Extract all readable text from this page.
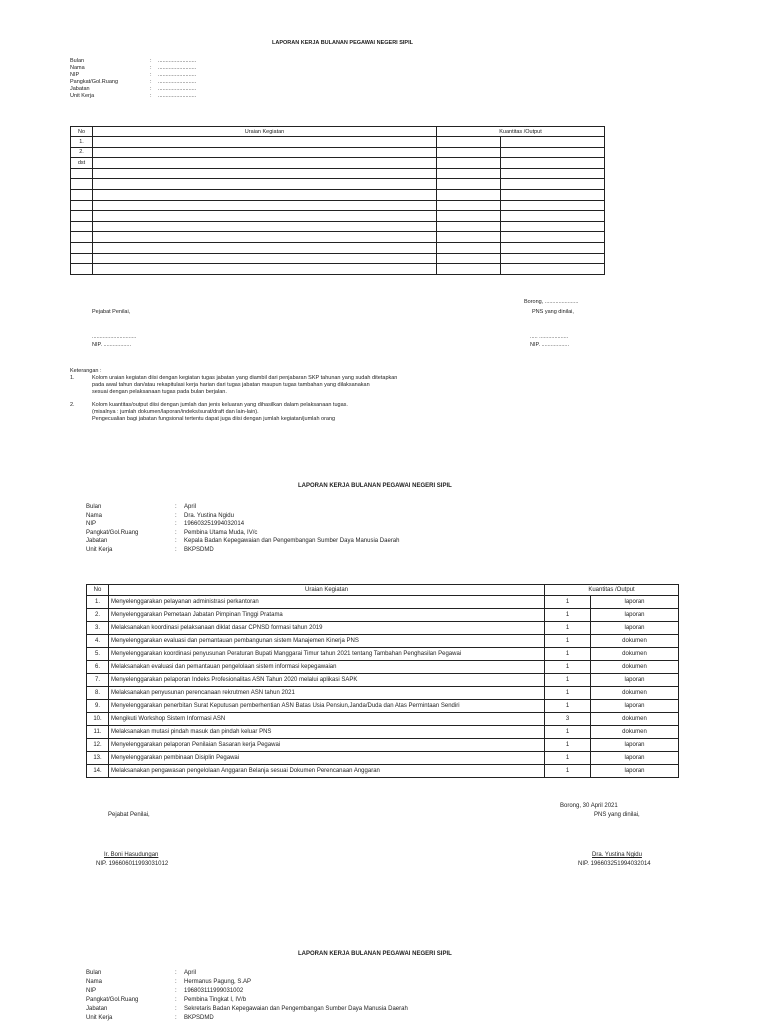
LAPORAN KERJA BULANAN PEGAWAI NEGERI SIPIL
Bulan	: .........................
Nama	: .........................
NIP	: .........................
Pangkat/Gol.Ruang	: .........................
Jabatan	: .........................
Unit Kerja	: .........................
No	Uraian Kegiatan	Kuantitas /Output	
1.			
2.			
dst			

Borong, ......................
Pejabat Penilai,	PNS yang dinilai,
.............................	..... ...................
NIP. ..................	NIP. ..................
Keterangan :
1.	Kolom uraian kegiatan diisi dengan kegiatan tugas jabatan yang diambil dari penjabaran SKP tahunan yang sudah ditetapkan
pada awal tahun dan/atau rekapitulasi kerja harian dari tugas jabatan maupun tugas tambahan yang dilaksanakan
sesuai dengan pelaksanaan tugas pada bulan berjalan.
2.	Kolom kuantitas/output diisi dengan jumlah dan jenis keluaran yang dihasilkan dalam pelaksanaan tugas.
(misalnya : jumlah dokumen/laporan/indeks/surat/draft dan lain-lain).
Pengecualian bagi jabatan fungsional tertentu dapat juga diisi dengan jumlah kegiatan/jumlah orang
LAPORAN KERJA BULANAN PEGAWAI NEGERI SIPIL
Bulan	: April
Nama	: Dra. Yustina Ngidu
NIP	: 196603251994032014
Pangkat/Gol.Ruang	: Pembina Utama Muda, IV/c
Jabatan	: Kepala Badan Kepegawaian dan Pengembangan Sumber Daya Manusia Daerah
Unit Kerja	: BKPSDMD
No	Uraian Kegiatan	Kuantitas /Output	
1.	Menyelenggarakan pelayanan administrasi perkantoran	1	laporan
2.	Menyelenggarakan Pemetaan Jabatan Pimpinan Tinggi Pratama	1	laporan
3.	Melaksanakan koordinasi pelaksanaan diklat dasar CPNSD formasi tahun 2019	1	laporan
4.	Menyelenggarakan evaluasi dan pemantauan pembangunan sistem Manajemen Kinerja PNS	1	dokumen
5.	Menyelenggarakan koordinasi penyusunan Peraturan Bupati Manggarai Timur tahun 2021 tentang Tambahan Penghasilan Pegawai	1	dokumen
6.	Melaksanakan evaluasi dan pemantauan pengelolaan sistem informasi kepegawaian	1	dokumen
7.	Menyelenggarakan pelaporan Indeks Profesionalitas ASN Tahun 2020 melalui aplikasi SAPK	1	laporan
8.	Melaksanakan penyusunan perencanaan rekrutmen ASN tahun 2021	1	dokumen
9.	Menyelenggarakan penerbitan Surat Keputusan pemberhentian ASN Batas Usia Pensiun,Janda/Duda dan Atas Permintaan Sendiri	1	laporan
10.	Mengikuti Workshop Sistem Informasi ASN	3	dokumen
11.	Melaksanakan mutasi pindah masuk dan pindah keluar PNS	1	dokumen
12.	Menyelenggarakan pelaporan Penilaian Sasaran kerja Pegawai	1	laporan
13.	Menyelenggarakan pembinaan Disiplin Pegawai	1	laporan
14.	Melaksanakan pengawasan pengelolaan Anggaran Belanja sesuai Dokumen Perencanaan Anggaran	1	laporan
Borong, 30 April 2021
Pejabat Penilai,	PNS yang dinilai,
Ir. Boni Hasudungan
NIP. 196606011993031012
Dra. Yustina Ngidu
NIP. 196603251994032014
LAPORAN KERJA BULANAN PEGAWAI NEGERI SIPIL
Bulan	: April
Nama	: Hermanus Pagung, S.AP
NIP	: 196803111999031002
Pangkat/Gol.Ruang	: Pembina Tingkat I, IV/b
Jabatan	: Sekretaris Badan Kepegawaian dan Pengembangan Sumber Daya Manusia Daerah
Unit Kerja	: BKPSDMD
